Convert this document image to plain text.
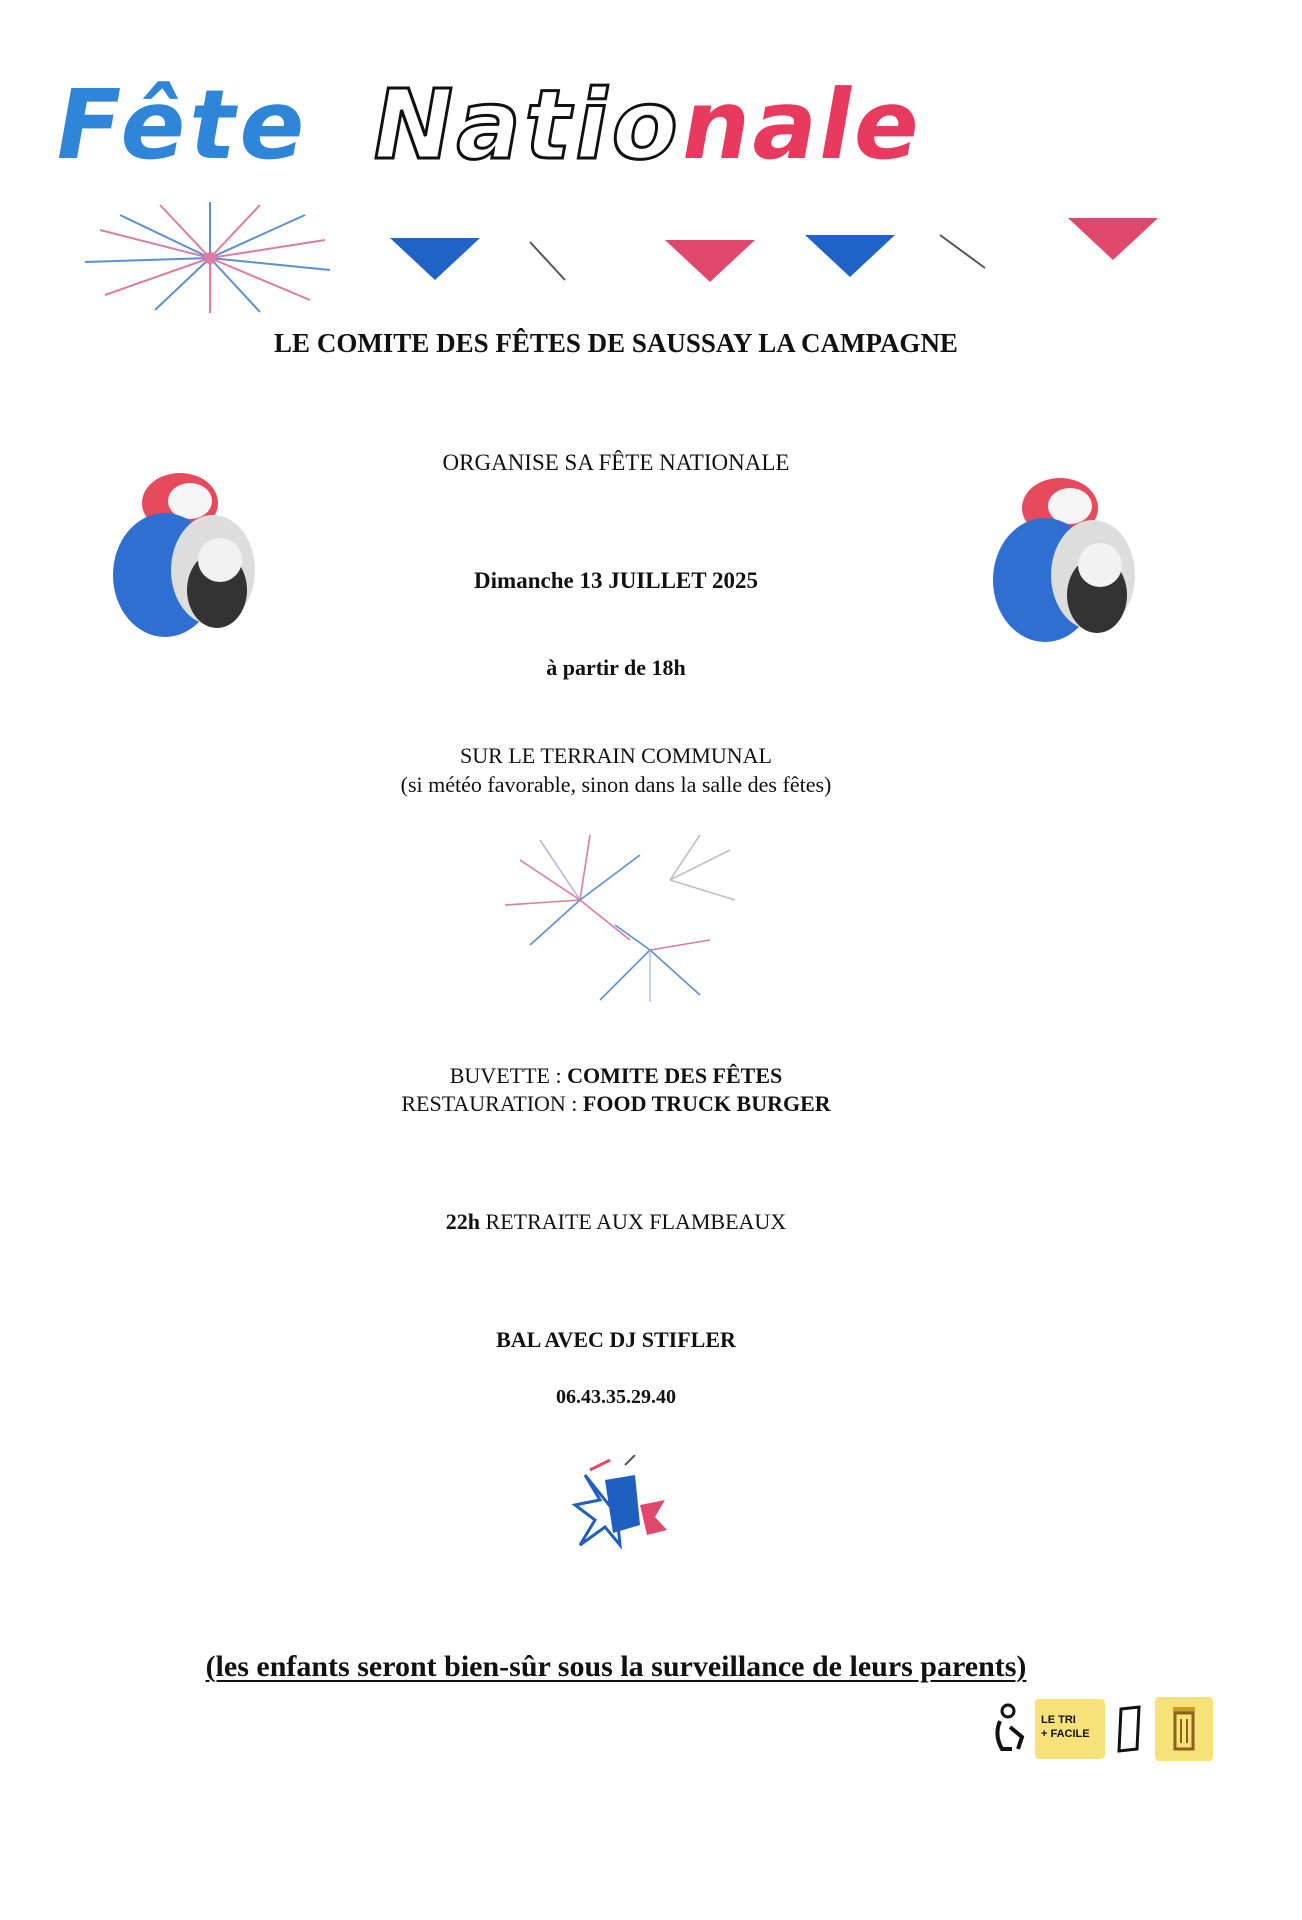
Fête Nationale
LE COMITE DES FÊTES DE SAUSSAY LA CAMPAGNE
ORGANISE SA FÊTE NATIONALE
Dimanche 13 JUILLET 2025
à partir de 18h
SUR LE TERRAIN COMMUNAL
(si météo favorable, sinon dans la salle des fêtes)
BUVETTE : COMITE DES FÊTES
RESTAURATION : FOOD TRUCK BURGER
22h RETRAITE AUX FLAMBEAUX
BAL AVEC DJ STIFLER
06.43.35.29.40
(les enfants seront bien-sûr sous la surveillance de leurs parents)
LE TRI
+ FACILE
